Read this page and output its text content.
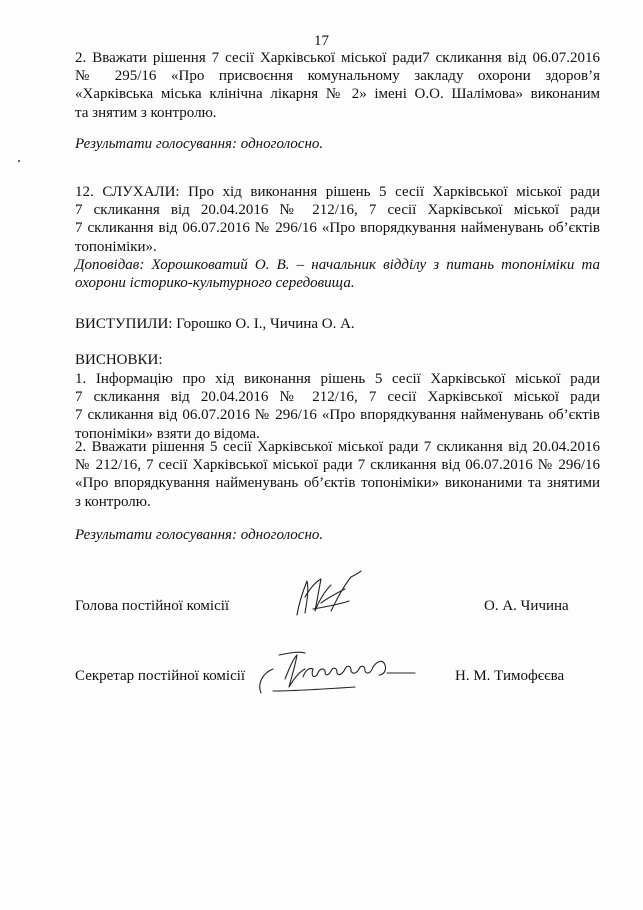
17
2. Вважати рішення 7 сесії Харківської міської ради7 скликання від 06.07.2016
№ 295/16 «Про присвоєння комунальному закладу охорони здоров’я
«Харківська міська клінічна лікарня № 2» імені О.О. Шалімова» виконаним
та знятим з контролю.
Результати голосування: одноголосно.
12. СЛУХАЛИ: Про хід виконання рішень 5 сесії Харківської міської ради
7 скликання від 20.04.2016 № 212/16, 7 сесії Харківської міської ради
7 скликання від 06.07.2016 № 296/16 «Про впорядкування найменувань об’єктів
топоніміки».
Доповідав: Хорошковатий О. В. – начальник відділу з питань топоніміки та
охорони історико-культурного середовища.
ВИСТУПИЛИ: Горошко О. І., Чичина О. А.
ВИСНОВКИ:
1. Інформацію про хід виконання рішень 5 сесії Харківської міської ради
7 скликання від 20.04.2016 № 212/16, 7 сесії Харківської міської ради
7 скликання від 06.07.2016 № 296/16 «Про впорядкування найменувань об’єктів
топоніміки» взяти до відома.
2. Вважати рішення 5 сесії Харківської міської ради 7 скликання від 20.04.2016
№ 212/16, 7 сесії Харківської міської ради 7 скликання від 06.07.2016 № 296/16
«Про впорядкування найменувань об’єктів топоніміки» виконаними та знятими
з контролю.
Результати голосування: одноголосно.
Голова постійної комісії	О. А. Чичина
Секретар постійної комісії	Н. М. Тимофєєва
